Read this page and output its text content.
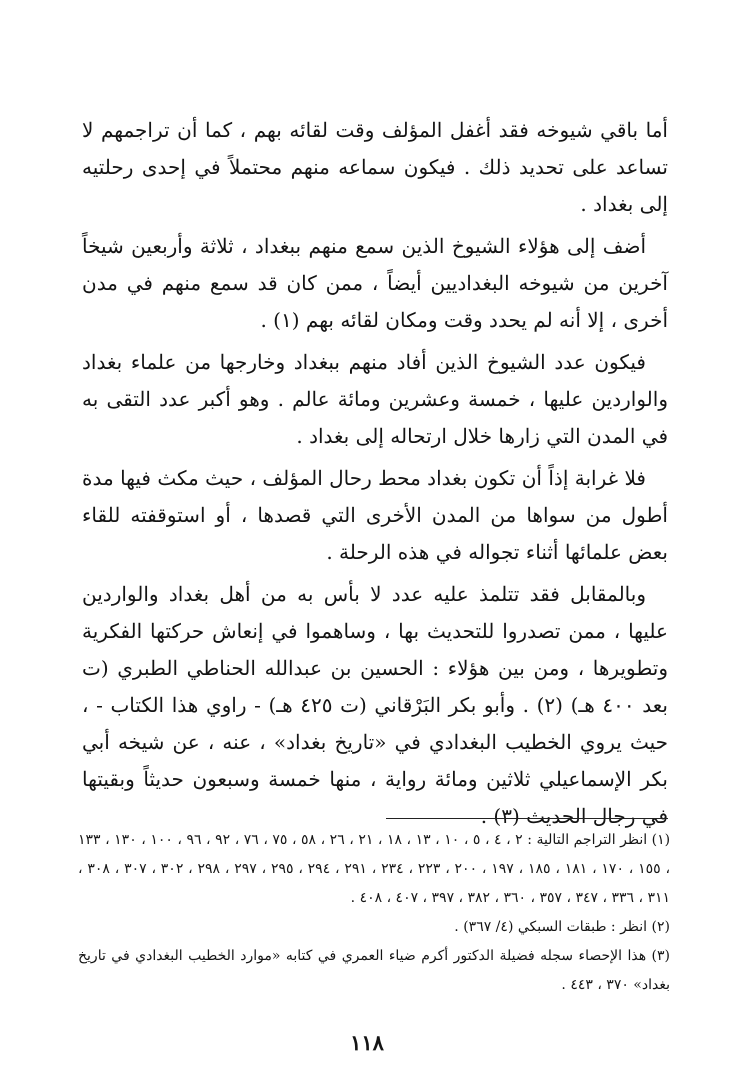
أما باقي شيوخه فقد أغفل المؤلف وقت لقائه بهم ، كما أن تراجمهم لا تساعد على تحديد ذلك . فيكون سماعه منهم محتملاً في إحدى رحلتيه إلى بغداد .

أضف إلى هؤلاء الشيوخ الذين سمع منهم ببغداد ، ثلاثة وأربعين شيخاً آخرين من شيوخه البغداديين أيضاً ، ممن كان قد سمع منهم في مدن أخرى ، إلا أنه لم يحدد وقت ومكان لقائه بهم (١) .

فيكون عدد الشيوخ الذين أفاد منهم ببغداد وخارجها من علماء بغداد والواردين عليها ، خمسة وعشرين ومائة عالم . وهو أكبر عدد التقى به في المدن التي زارها خلال ارتحاله إلى بغداد .

فلا غرابة إذاً أن تكون بغداد محط رحال المؤلف ، حيث مكث فيها مدة أطول من سواها من المدن الأخرى التي قصدها ، أو استوقفته للقاء بعض علمائها أثناء تجواله في هذه الرحلة .

وبالمقابل فقد تتلمذ عليه عدد لا بأس به من أهل بغداد والواردين عليها ، ممن تصدروا للتحديث بها ، وساهموا في إنعاش حركتها الفكرية وتطويرها ، ومن بين هؤلاء : الحسين بن عبدالله الحناطي الطبري (ت بعد ٤٠٠ هـ) (٢) . وأبو بكر البَرْقاني (ت ٤٢٥ هـ) - راوي هذا الكتاب - ، حيث يروي الخطيب البغدادي في «تاريخ بغداد» ، عنه ، عن شيخه أبي بكر الإسماعيلي ثلاثين ومائة رواية ، منها خمسة وسبعون حديثاً وبقيتها في رجال الحديث (٣) .

(١) انظر التراجم التالية : ٢ ، ٤ ، ٥ ، ١٠ ، ١٣ ، ١٨ ، ٢١ ، ٢٦ ، ٥٨ ، ٧٥ ، ٧٦ ، ٩٢ ، ٩٦ ، ١٠٠ ، ١٣٠ ، ١٣٣ ، ١٥٥ ، ١٧٠ ، ١٨١ ، ١٨٥ ، ١٩٧ ، ٢٠٠ ، ٢٢٣ ، ٢٣٤ ، ٢٩١ ، ٢٩٤ ، ٢٩٥ ، ٢٩٧ ، ٢٩٨ ، ٣٠٢ ، ٣٠٧ ، ٣٠٨ ، ٣١١ ، ٣٣٦ ، ٣٤٧ ، ٣٥٧ ، ٣٦٠ ، ٣٨٢ ، ٣٩٧ ، ٤٠٧ ، ٤٠٨ .
(٢) انظر : طبقات السبكي (٤/ ٣٦٧) .
(٣) هذا الإحصاء سجله فضيلة الدكتور أكرم ضياء العمري في كتابه «موارد الخطيب البغدادي في تاريخ بغداد» ٣٧٠ ، ٤٤٣ .
١١٨
